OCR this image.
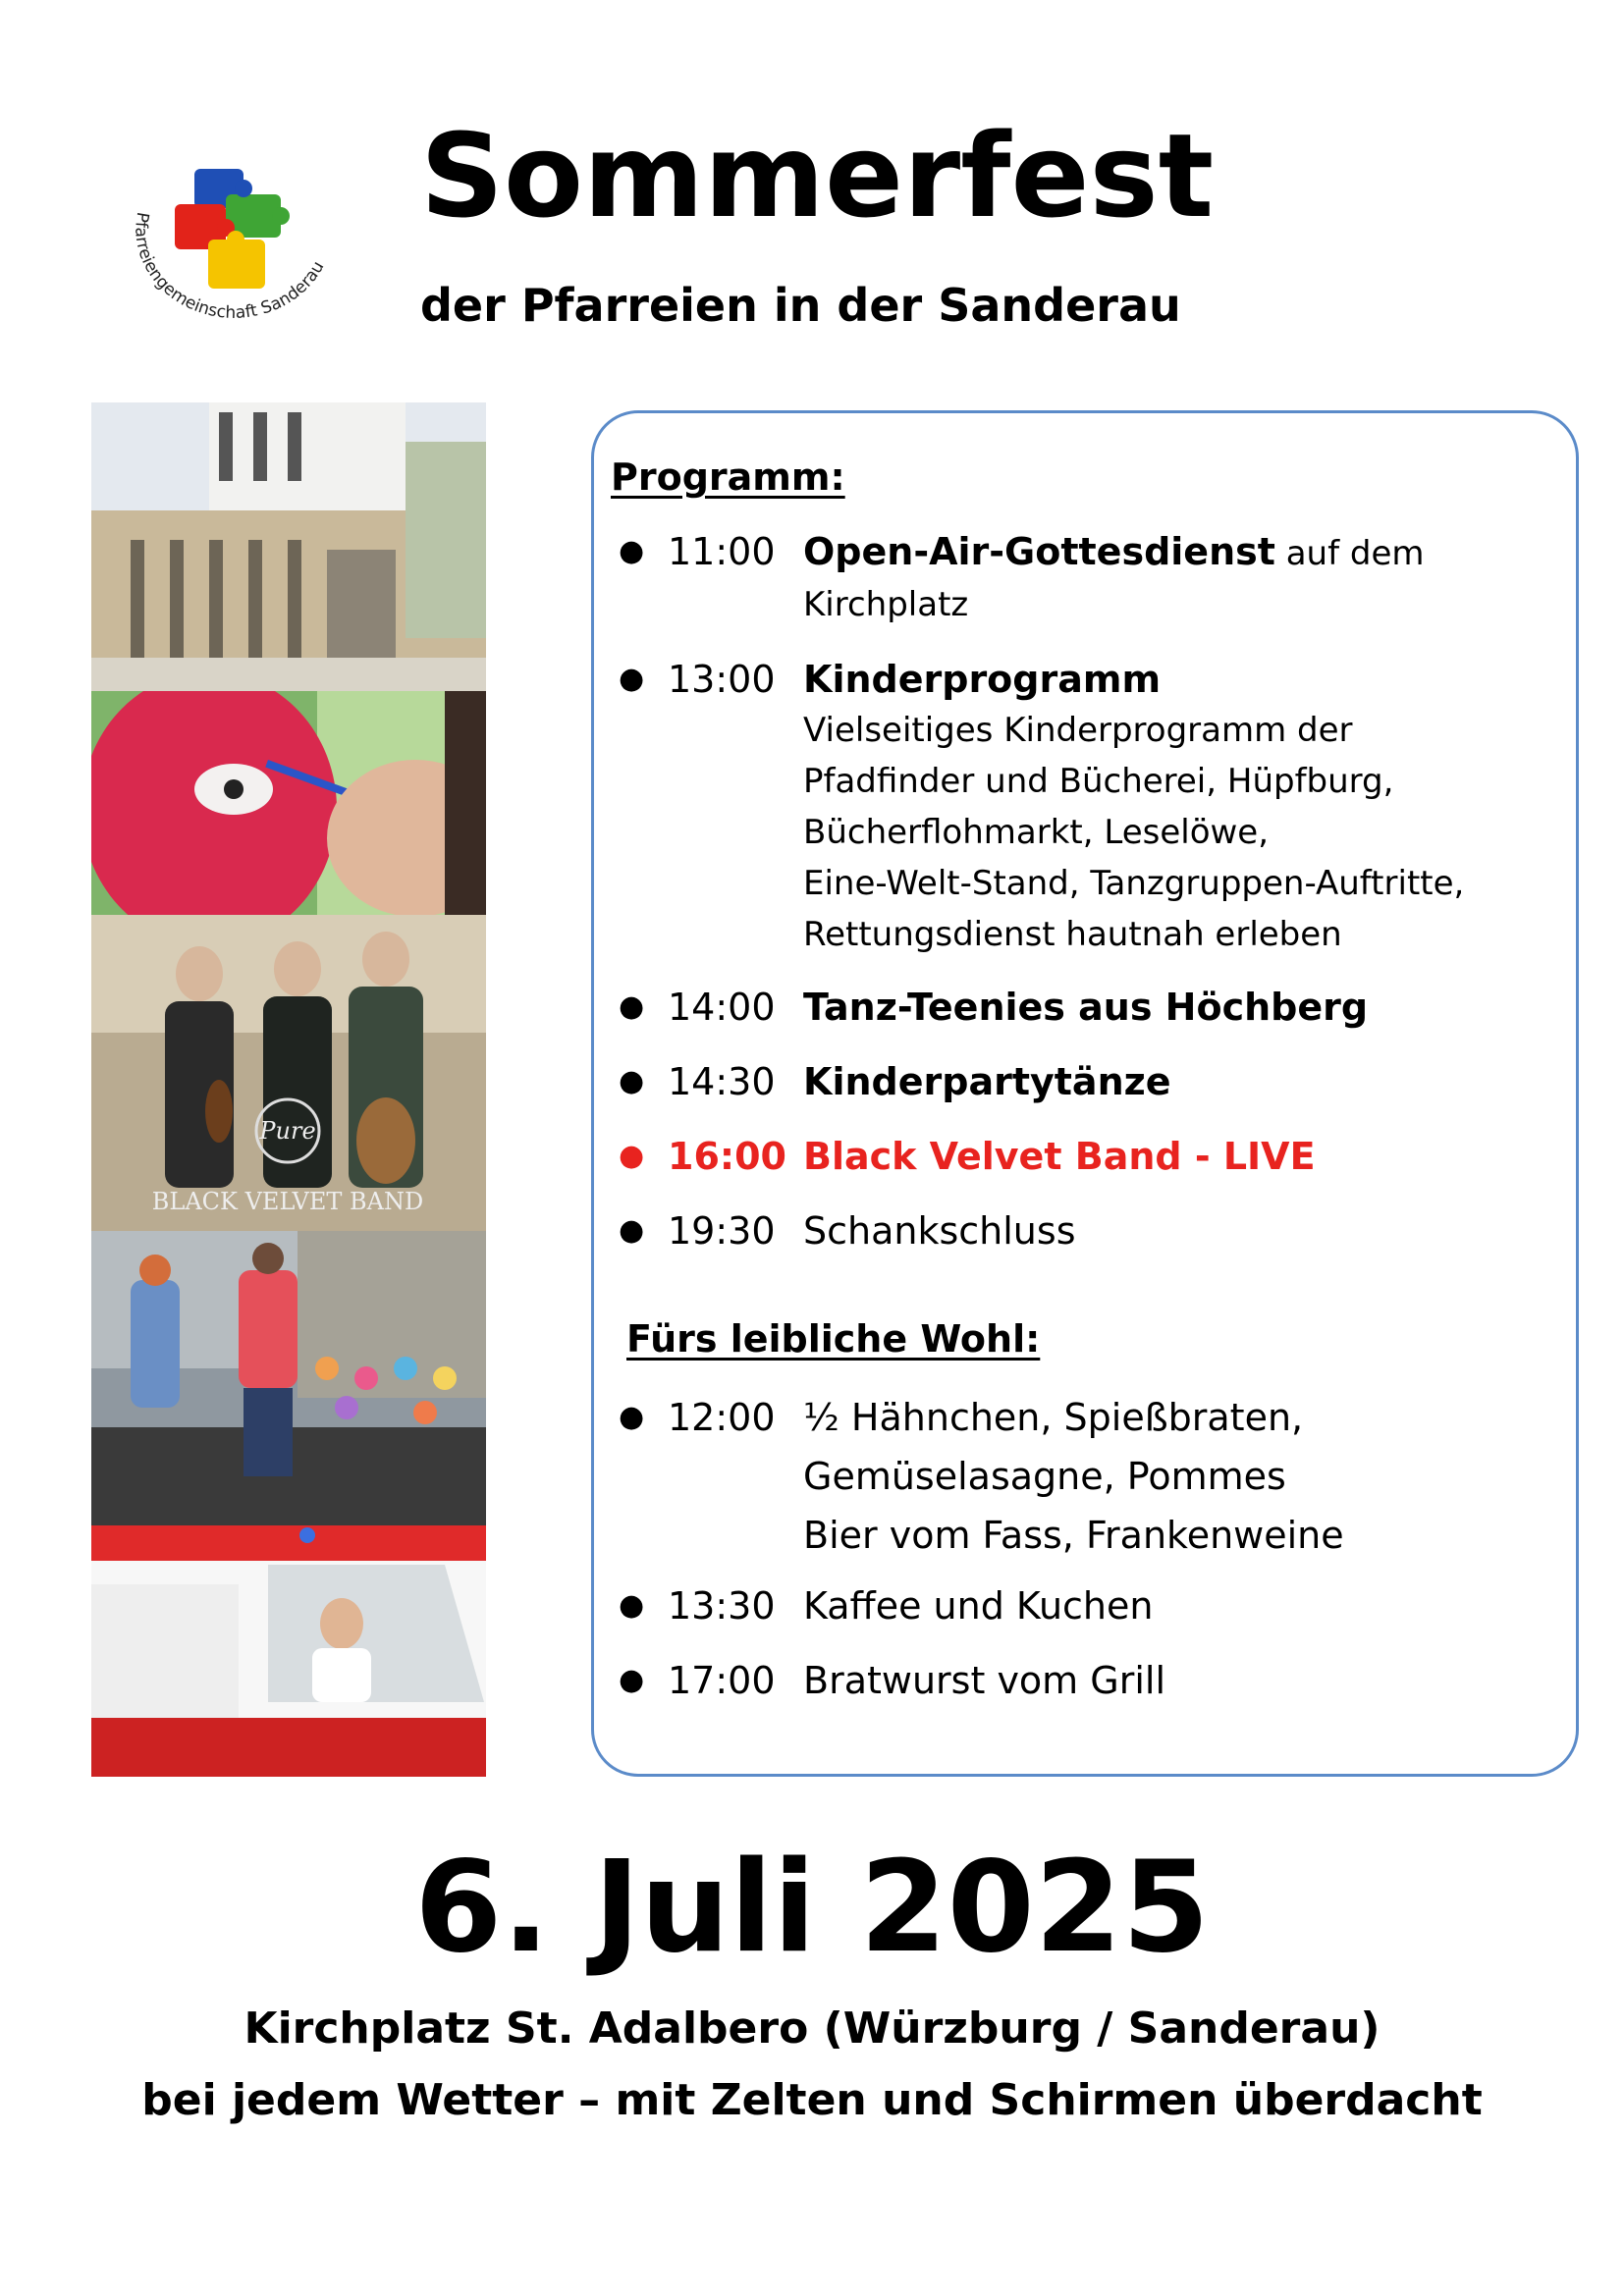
Pfarreiengemeinschaft Sanderau
Sommerfest
der Pfarreien in der Sanderau
Pure
BLACK VELVET BAND
Programm:
● 11:00 Open-Air-Gottesdienst auf dem
Kirchplatz
● 13:00 Kinderprogramm
Vielseitiges Kinderprogramm der
Pfadfinder und Bücherei, Hüpfburg,
Bücherflohmarkt, Leselöwe,
Eine-Welt-Stand, Tanzgruppen-Auftritte,
Rettungsdienst hautnah erleben
● 14:00 Tanz-Teenies aus Höchberg
● 14:30 Kinderpartytänze
● 16:00 Black Velvet Band - LIVE
● 19:30 Schankschluss
Fürs leibliche Wohl:
● 12:00 ½ Hähnchen, Spießbraten,
Gemüselasagne, Pommes
Bier vom Fass, Frankenweine
● 13:30 Kaffee und Kuchen
● 17:00 Bratwurst vom Grill
6. Juli 2025
Kirchplatz St. Adalbero (Würzburg / Sanderau)
bei jedem Wetter – mit Zelten und Schirmen überdacht
